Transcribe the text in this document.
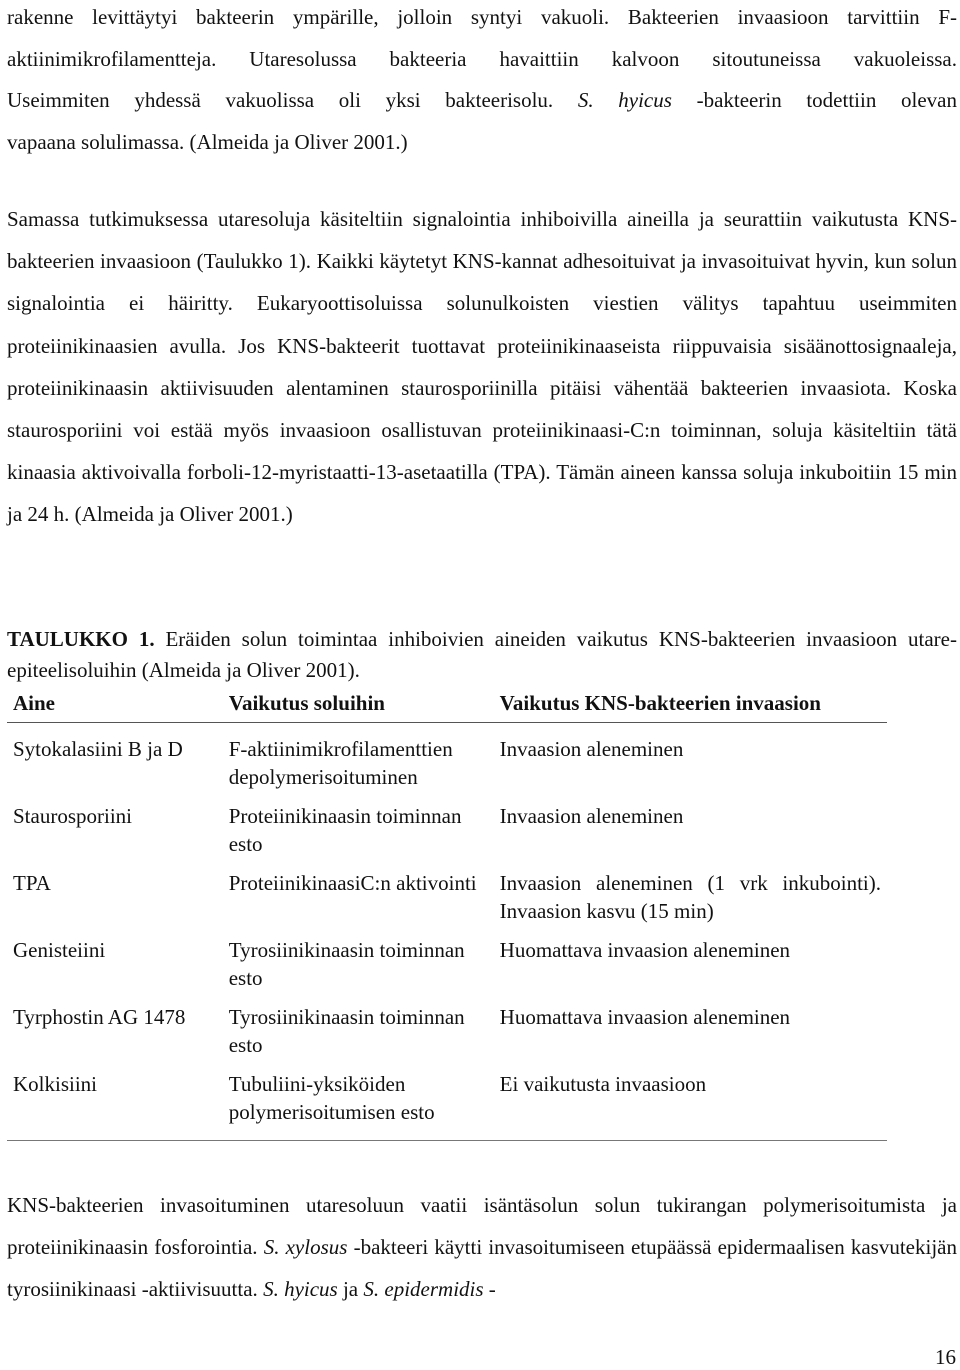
rakenne levittäytyi bakteerin ympärille, jolloin syntyi vakuoli. Bakteerien invaasioon tarvittiin F-
aktiinimikrofilamentteja. Utaresolussa bakteeria havaittiin kalvoon sitoutuneissa vakuoleissa.
Useimmiten yhdessä vakuolissa oli yksi bakteerisolu. S. hyicus -bakteerin todettiin olevan
vapaana solulimassa. (Almeida ja Oliver 2001.)
Samassa tutkimuksessa utaresoluja käsiteltiin signalointia inhiboivilla aineilla ja seurattiin vaikutusta KNS-bakteerien invaasioon (Taulukko 1). Kaikki käytetyt KNS-kannat adhesoituivat ja invasoituivat hyvin, kun solun signalointia ei häiritty. Eukaryoottisoluissa solunulkoisten viestien välitys tapahtuu useimmiten proteiinikinaasien avulla. Jos KNS-bakteerit tuottavat proteiinikinaaseista riippuvaisia sisäänottosignaaleja, proteiinikinaasin aktiivisuuden alentaminen staurosporiinilla pitäisi vähentää bakteerien invaasiota. Koska staurosporiini voi estää myös invaasioon osallistuvan proteiinikinaasi-C:n toiminnan, soluja käsiteltiin tätä kinaasia aktivoivalla forboli-12-myristaatti-13-asetaatilla (TPA). Tämän aineen kanssa soluja inkuboitiin 15 min ja 24 h. (Almeida ja Oliver 2001.)
TAULUKKO 1. Eräiden solun toimintaa inhiboivien aineiden vaikutus KNS-bakteerien invaasioon utare-epiteelisoluihin (Almeida ja Oliver 2001).
Aine	Vaikutus soluihin	Vaikutus KNS-bakteerien invaasion
Sytokalasiini B ja D	F-aktiinimikrofilamenttien depolymerisoituminen	Invaasion aleneminen
Staurosporiini	Proteiinikinaasin toiminnan esto	Invaasion aleneminen
TPA	ProteiinikinaasiC:n aktivointi	Invaasion aleneminen (1 vrk inkubointi). Invaasion kasvu (15 min)
Genisteiini	Tyrosiinikinaasin toiminnan esto	Huomattava invaasion aleneminen
Tyrphostin AG 1478	Tyrosiinikinaasin toiminnan esto	Huomattava invaasion aleneminen
Kolkisiini	Tubuliini-yksiköiden polymerisoitumisen esto	Ei vaikutusta invaasioon
KNS-bakteerien invasoituminen utaresoluun vaatii isäntäsolun solun tukirangan polymerisoitumista ja proteiinikinaasin fosforointia. S. xylosus -bakteeri käytti invasoitumiseen etupäässä epidermaalisen kasvutekijän tyrosiinikinaasi -aktiivisuutta. S. hyicus ja S. epidermidis -
16
